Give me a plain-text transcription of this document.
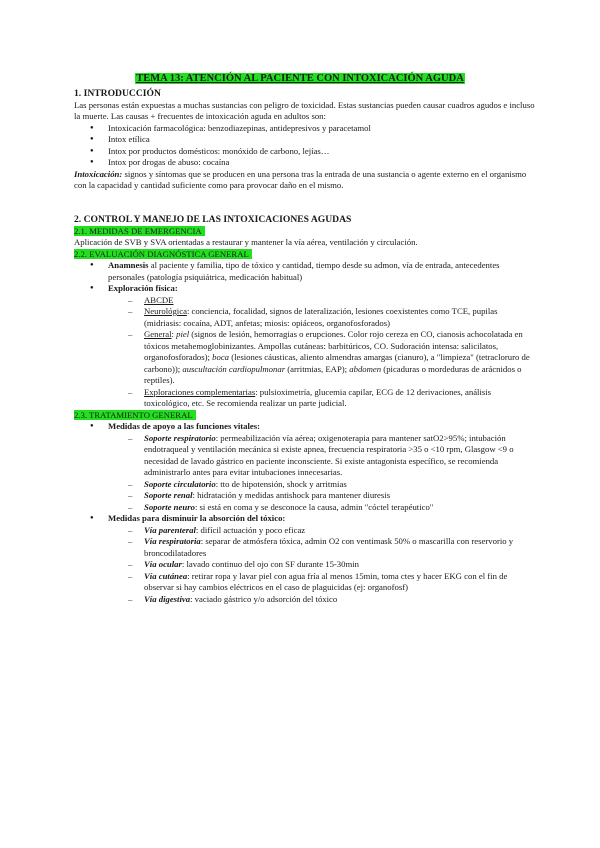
TEMA 13: ATENCIÓN AL PACIENTE CON INTOXICACIÓN AGUDA

1. INTRODUCCIÓN

Las personas están expuestas a muchas sustancias con peligro de toxicidad. Estas sustancias pueden causar cuadros agudos e incluso la muerte. Las causas + frecuentes de intoxicación aguda en adultos son:

● Intoxicación farmacológica: benzodiazepinas, antidepresivos y paracetamol
● Intox etílica
● Intox por productos domésticos: monóxido de carbono, lejías…
● Intox por drogas de abuso: cocaína

Intoxicación: signos y síntomas que se producen en una persona tras la entrada de una sustancia o agente externo en el organismo con la capacidad y cantidad suficiente como para provocar daño en el mismo.

2. CONTROL Y MANEJO DE LAS INTOXICACIONES AGUDAS

2.1. MEDIDAS DE EMERGENCIA

Aplicación de SVB y SVA orientadas a restaurar y mantener la vía aérea, ventilación y circulación.

2.2. EVALUACIÓN DIAGNÓSTICA GENERAL

● Anamnesis al paciente y familia, tipo de tóxico y cantidad, tiempo desde su admon, vía de entrada, antecedentes personales (patología psiquiátrica, medicación habitual)
● Exploración física:
– ABCDE
– Neurológica: conciencia, focalidad, signos de lateralización, lesiones coexistentes como TCE, pupilas (midriasis: cocaína, ADT, anfetas; miosis: opiáceos, organofosforados)
– General: piel (signos de lesión, hemorragias o erupciones. Color rojo cereza en CO, cianosis achocolatada en tóxicos metahemoglobinizantes. Ampollas cutáneas: barbitúricos, CO. Sudoración intensa: salicilatos, organofosforados); boca (lesiones cáusticas, aliento almendras amargas (cianuro), a "limpieza" (tetracloruro de carbono)); auscultación cardiopulmonar (arritmias, EAP); abdomen (picaduras o mordeduras de arácnidos o reptiles).
– Exploraciones complementarias: pulsioximetría, glucemia capilar, ECG de 12 derivaciones, análisis toxicológico, etc. Se recomienda realizar un parte judicial.

2.3. TRATAMIENTO GENERAL

● Medidas de apoyo a las funciones vitales:
– Soporte respiratorio: permeabilización vía aérea; oxigenoterapia para mantener satO2>95%; intubación endotraqueal y ventilación mecánica si existe apnea, frecuencia respiratoria >35 o <10 rpm, Glasgow <9 o necesidad de lavado gástrico en paciente inconsciente. Si existe antagonista específico, se recomienda administrarlo antes para evitar intubaciones innecesarias.
– Soporte circulatorio: tto de hipotensión, shock y arritmias
– Soporte renal: hidratación y medidas antishock para mantener diuresis
– Soporte neuro: si está en coma y se desconoce la causa, admin "cóctel terapéutico"
● Medidas para disminuir la absorción del tóxico:
– Vía parenteral: difícil actuación y poco eficaz
– Vía respiratoria: separar de atmósfera tóxica, admin O2 con ventimask 50% o mascarilla con reservorio y broncodilatadores
– Vía ocular: lavado continuo del ojo con SF durante 15-30min
– Vía cutánea: retirar ropa y lavar piel con agua fría al menos 15min, toma ctes y hacer EKG con el fin de observar si hay cambios eléctricos en el caso de plaguicidas (ej: organofosf)
– Vía digestiva: vaciado gástrico y/o adsorción del tóxico
